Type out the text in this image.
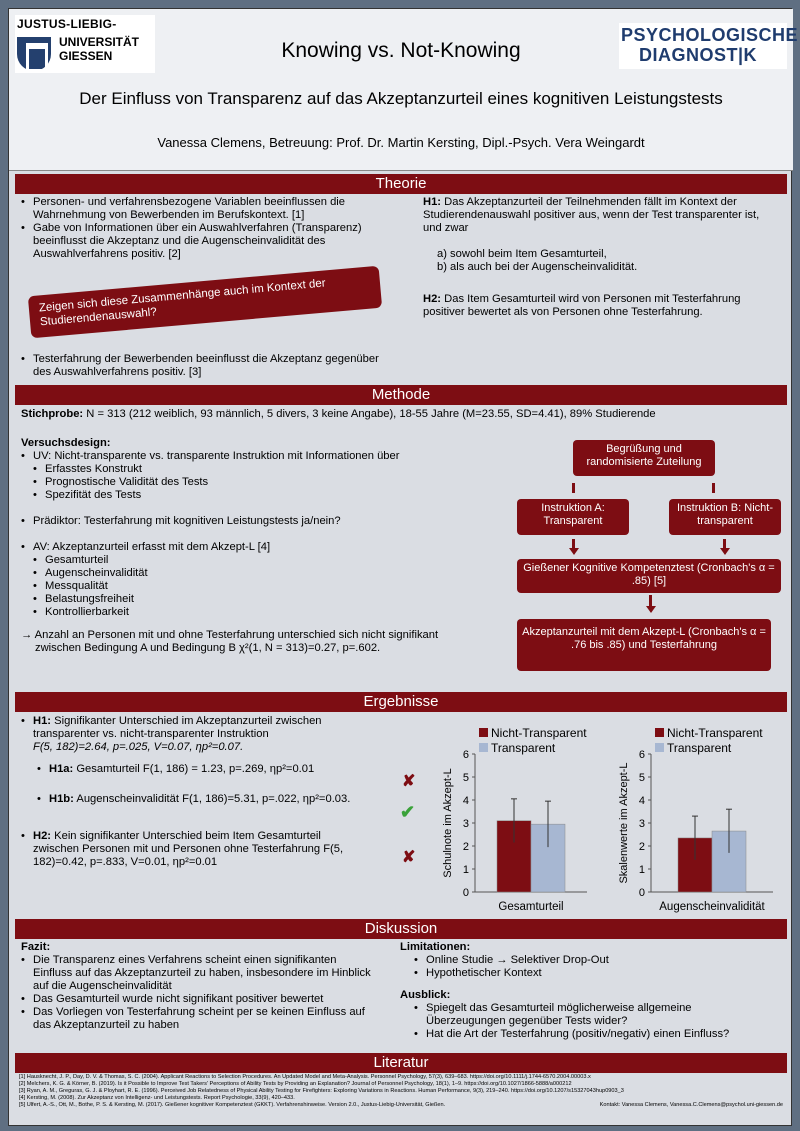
JUSTUS-LIEBIG-
UNIVERSITÄT
GIESSEN
PSYCHOLOGISCHE
DIAGNOST|K
Knowing vs. Not-Knowing
Der Einfluss von Transparenz auf das Akzeptanzurteil eines kognitiven Leistungstests
Vanessa Clemens, Betreuung: Prof. Dr. Martin Kersting, Dipl.-Psych. Vera Weingardt
Theorie
• Personen- und verfahrensbezogene Variablen beeinflussen die Wahrnehmung von Bewerbenden im Berufskontext. [1]
• Gabe von Informationen über ein Auswahlverfahren (Transparenz) beeinflusst die Akzeptanz und die Augenscheinvalidität des Auswahlverfahrens positiv. [2]
Zeigen sich diese Zusammenhänge auch im Kontext der Studierendenauswahl?
• Testerfahrung der Bewerbenden beeinflusst die Akzeptanz gegenüber des Auswahlverfahrens positiv. [3]
H1: Das Akzeptanzurteil der Teilnehmenden fällt im Kontext der Studierendenauswahl positiver aus, wenn der Test transparenter ist, und zwar
a) sowohl beim Item Gesamturteil,
b) als auch bei der Augenscheinvalidität.
H2: Das Item Gesamturteil wird von Personen mit Testerfahrung positiver bewertet als von Personen ohne Testerfahrung.
Methode
Stichprobe: N = 313 (212 weiblich, 93 männlich, 5 divers, 3 keine Angabe), 18-55 Jahre (M=23.55, SD=4.41), 89% Studierende
Versuchsdesign:
• UV: Nicht-transparente vs. transparente Instruktion mit Informationen über
• Erfasstes Konstrukt
• Prognostische Validität des Tests
• Spezifität des Tests
• Prädiktor: Testerfahrung mit kognitiven Leistungstests ja/nein?
• AV: Akzeptanzurteil erfasst mit dem Akzept-L [4]
• Gesamturteil
• Augenscheinvalidität
• Messqualität
• Belastungsfreiheit
• Kontrollierbarkeit
→ Anzahl an Personen mit und ohne Testerfahrung unterschied sich nicht signifikant
zwischen Bedingung A und Bedingung B χ²(1, N = 313)=0.27, p=.602.
Begrüßung und randomisierte Zuteilung
Instruktion A: Transparent
Instruktion B: Nicht-transparent
Gießener Kognitive Kompetenztest (Cronbach's α = .85) [5]
Akzeptanzurteil mit dem Akzept-L (Cronbach's α = .76 bis .85) und Testerfahrung
Ergebnisse
• H1: Signifikanter Unterschied im Akzeptanzurteil zwischen transparenter vs. nicht-transparenter Instruktion
F(5, 182)=2.64, p=.025, V=0.07, ηp²=0.07.
• H1a: Gesamturteil F(1, 186) = 1.23, p=.269, ηp²=0.01
• H1b: Augenscheinvalidität F(1, 186)=5.31, p=.022, ηp²=0.03.
• H2: Kein signifikanter Unterschied beim Item Gesamturteil zwischen Personen mit und Personen ohne Testerfahrung F(5, 182)=0.42, p=.833, V=0.01, ηp²=0.01
✘
✔
✘
0
1
2
3
4
5
6
Schulnote im Akzept-L
Nicht-Transparent
Transparent
Gesamturteil
0
1
2
3
4
5
6
Skalenwerte im Akzept-L
Nicht-Transparent
Transparent
Augenscheinvalidität
Diskussion
Fazit:
• Die Transparenz eines Verfahrens scheint einen signifikanten Einfluss auf das Akzeptanzurteil zu haben, insbesondere im Hinblick auf die Augenscheinvalidität
• Das Gesamturteil wurde nicht signifikant positiver bewertet
• Das Vorliegen von Testerfahrung scheint per se keinen Einfluss auf das Akzeptanzurteil zu haben
Limitationen:
• Online Studie → Selektiver Drop-Out
• Hypothetischer Kontext
Ausblick:
• Spiegelt das Gesamturteil möglicherweise allgemeine Überzeugungen gegenüber Tests wider?
• Hat die Art der Testerfahrung (positiv/negativ) einen Einfluss?
Literatur
[1] Hausknecht, J. P., Day, D. V. & Thomas, S. C. (2004). Applicant Reactions to Selection Procedures. An Updated Model and Meta-Analysis. Personnel Psychology, 57(3), 639–683. https://doi.org/10.1111/j.1744-6570.2004.00003.x
[2] Melchers, K. G. & Körner, B. (2019). Is it Possible to Improve Test Takers' Perceptions of Ability Tests by Providing an Explanation? Journal of Personnel Psychology, 18(1), 1–9. https://doi.org/10.1027/1866-5888/a000212
[3] Ryan, A. M., Greguras, G. J. & Ployhart, R. E. (1996). Perceived Job Relatedness of Physical Ability Testing for Firefighters: Exploring Variations in Reactions. Human Performance, 9(3), 219–240. https://doi.org/10.1207/s15327043hup0903_3
[4] Kersting, M. (2008). Zur Akzeptanz von Intelligenz- und Leistungstests. Report Psychologie, 33(9), 420–433.
[5] Ulfert, A.-S., Ott, M., Bothe, P. S. & Kersting, M. (2017). Gießener kognitiver Kompetenztest (GKKT). Verfahrenshinweise. Version 2.0., Justus-Liebig-Universität, Gießen.	Kontakt: Vanessa Clemens, Vanessa.C.Clemens@psychol.uni-giessen.de
